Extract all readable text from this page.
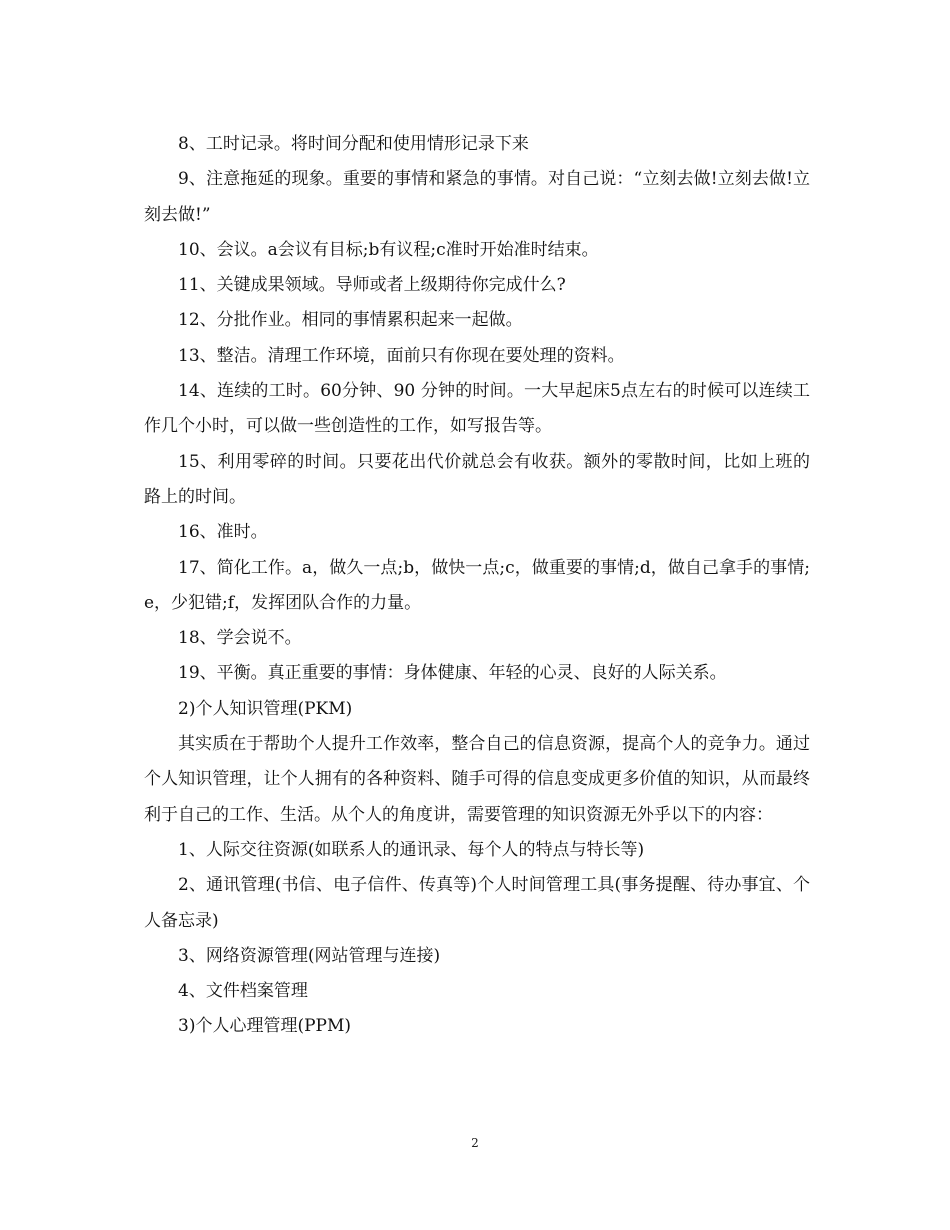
8、工时记录。将时间分配和使用情形记录下来

9、注意拖延的现象。重要的事情和紧急的事情。对自己说：“立刻去做!立刻去做!立刻去做!”

10、会议。a会议有目标;b有议程;c准时开始准时结束。

11、关键成果领域。导师或者上级期待你完成什么?

12、分批作业。相同的事情累积起来一起做。

13、整洁。清理工作环境，面前只有你现在要处理的资料。

14、连续的工时。60分钟、90 分钟的时间。一大早起床5点左右的时候可以连续工作几个小时，可以做一些创造性的工作，如写报告等。

15、利用零碎的时间。只要花出代价就总会有收获。额外的零散时间，比如上班的路上的时间。

16、准时。

17、简化工作。a，做久一点;b，做快一点;c，做重要的事情;d，做自己拿手的事情;e，少犯错;f，发挥团队合作的力量。

18、学会说不。

19、平衡。真正重要的事情：身体健康、年轻的心灵、良好的人际关系。

2)个人知识管理(PKM)

其实质在于帮助个人提升工作效率，整合自己的信息资源，提高个人的竞争力。通过个人知识管理，让个人拥有的各种资料、随手可得的信息变成更多价值的知识，从而最终利于自己的工作、生活。从个人的角度讲，需要管理的知识资源无外乎以下的内容：

1、人际交往资源(如联系人的通讯录、每个人的特点与特长等)

2、通讯管理(书信、电子信件、传真等)个人时间管理工具(事务提醒、待办事宜、个人备忘录)

3、网络资源管理(网站管理与连接)

4、文件档案管理

3)个人心理管理(PPM)

2
